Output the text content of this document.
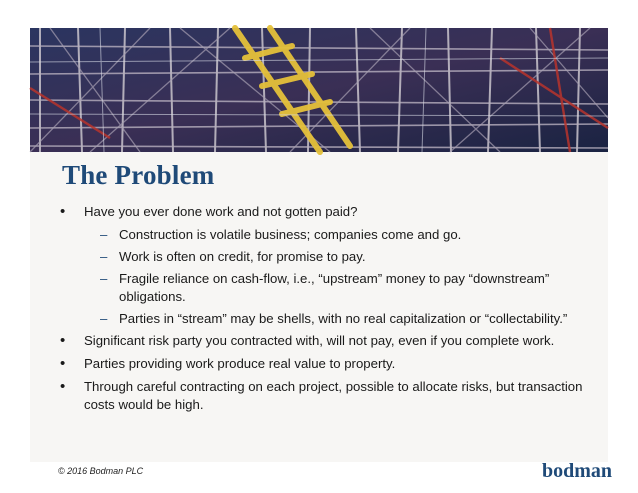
The Problem
• Have you ever done work and not gotten paid?
– Construction is volatile business; companies come and go.
– Work is often on credit, for promise to pay.
– Fragile reliance on cash-flow, i.e., “upstream” money to pay “downstream” obligations.
– Parties in “stream” may be shells, with no real capitalization or “collectability.”
• Significant risk party you contracted with, will not pay, even if you complete work.
• Parties providing work produce real value to property.
• Through careful contracting on each project, possible to allocate risks, but transaction costs would be high.
© 2016 Bodman PLC	bodman
